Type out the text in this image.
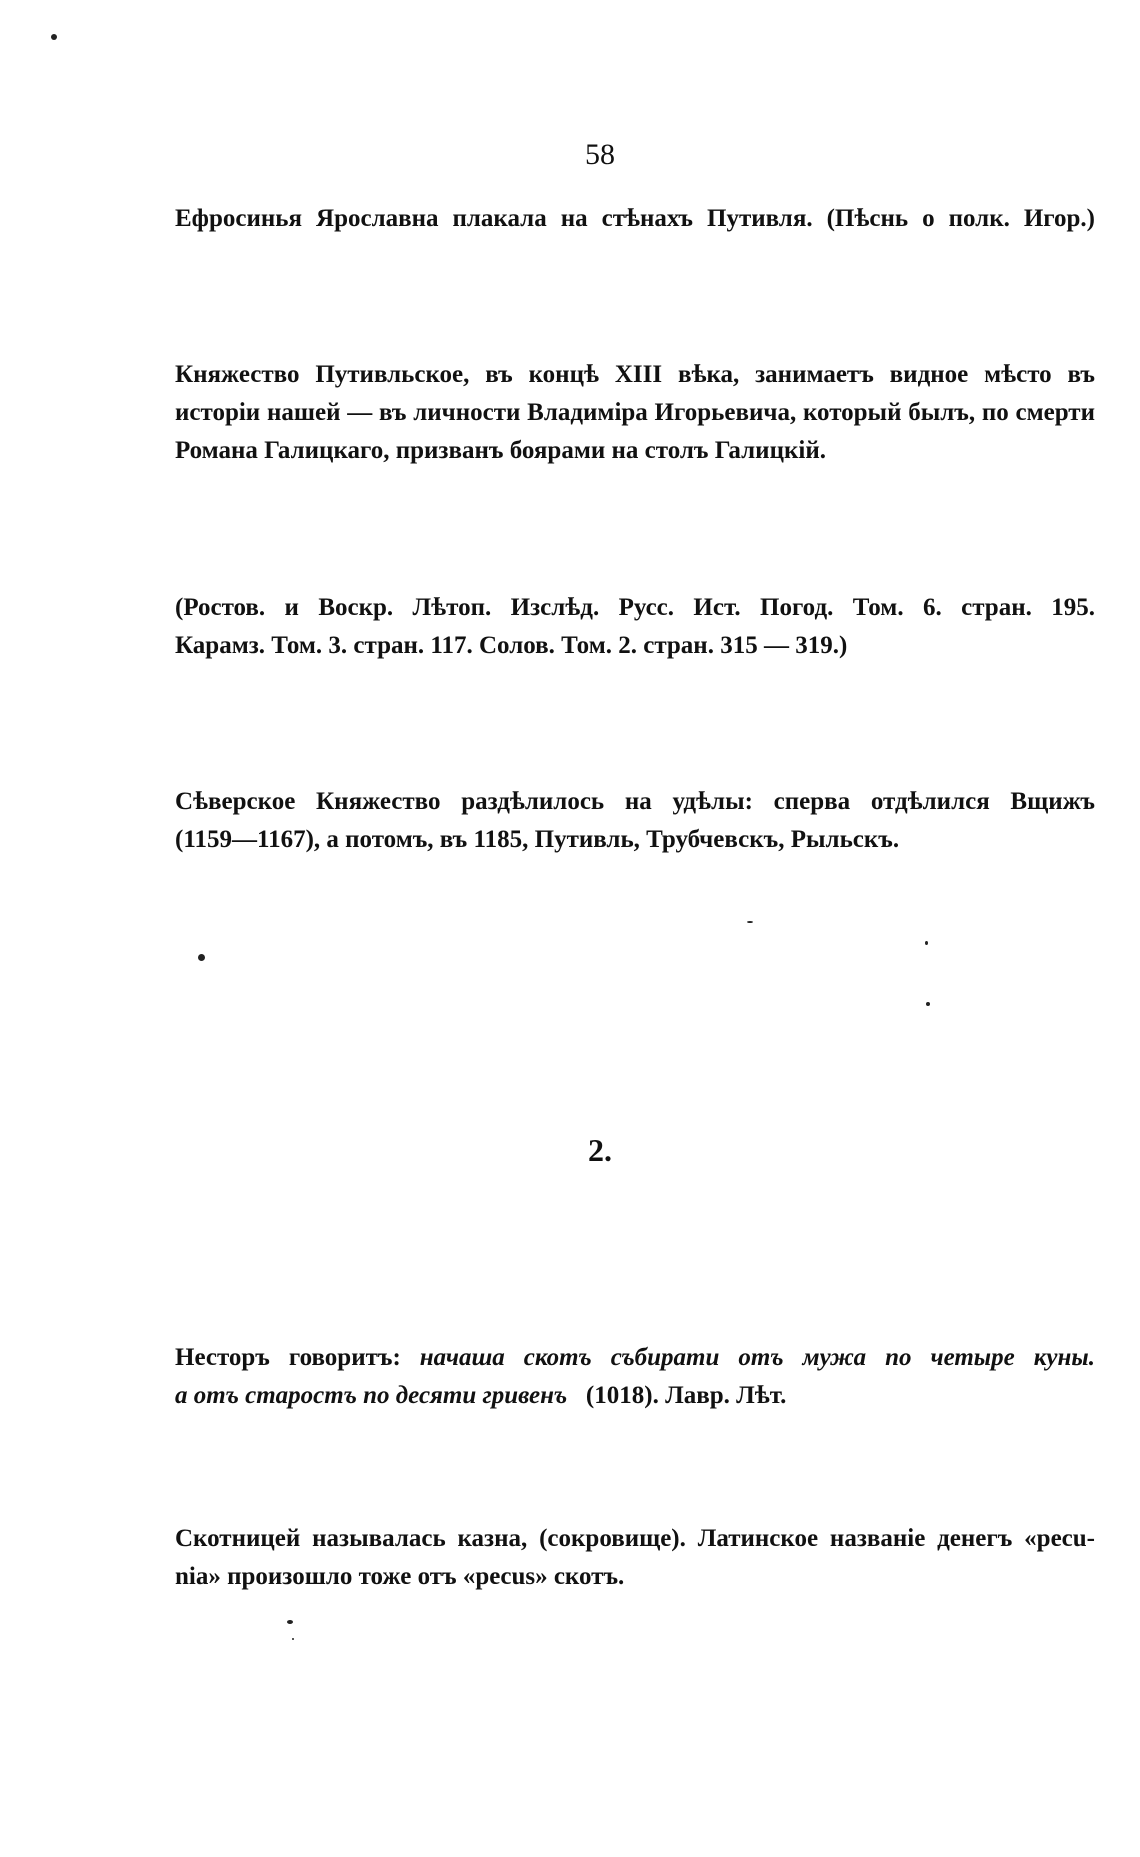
58
Ефросинья Ярославна плакала на стѣнахъ Путивля. (Пѣснь о полк. Игор.)
Княжество Путивльское, въ концѣ XIII вѣка, занимаетъ видное мѣсто въ
исторіи нашей — въ личности Владиміра Игорьевича, который былъ, по смерти
Романа Галицкаго, призванъ боярами на столъ Галицкій.
(Ростов. и Воскр. Лѣтоп. Изслѣд. Русс. Ист. Погод. Том. 6. стран. 195.
Карамз. Том. 3. стран. 117. Солов. Том. 2. стран. 315 — 319.)
Сѣверское Княжество раздѣлилось на удѣлы: сперва отдѣлился Вщижъ
(1159—1167), а потомъ, въ 1185, Путивль, Трубчевскъ, Рыльскъ.
2.
Несторъ говоритъ: начаша скотъ събирати отъ мужа по четыре куны.
а отъ старостъ по десяти гривенъ (1018). Лавр. Лѣт.
Скотницей называлась казна, (сокровище). Латинское названіе денегъ «pecu-
nia» произошло тоже отъ «pecus» скотъ.
